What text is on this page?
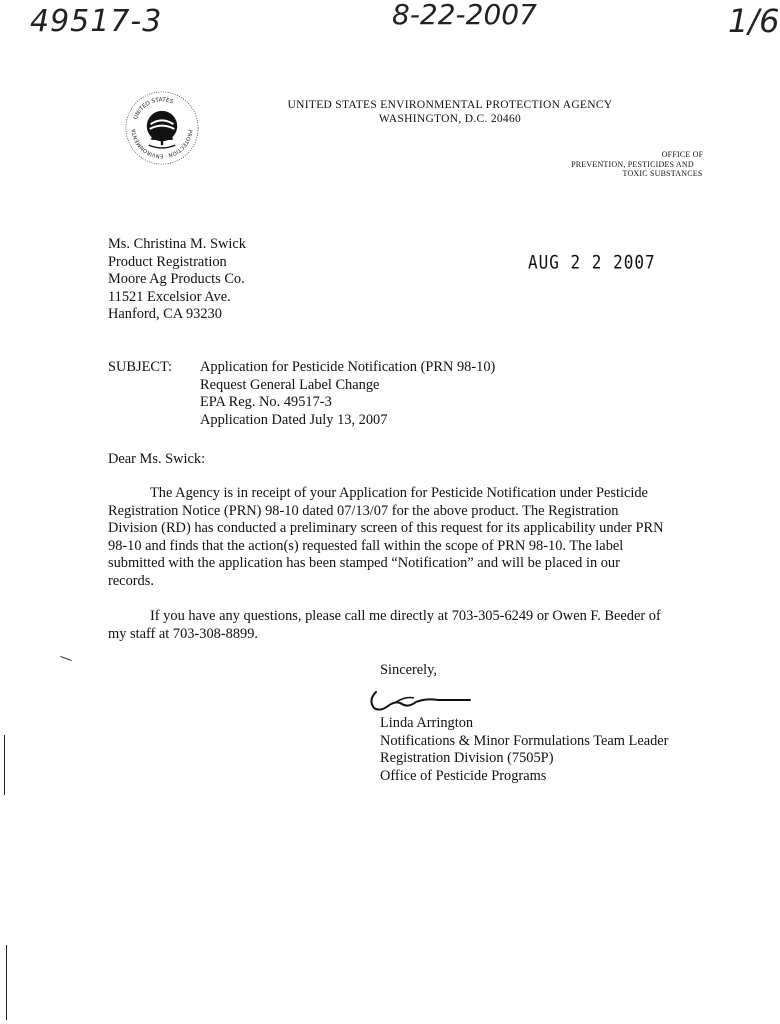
49517-3	8-22-2007	1/6
UNITED STATES
PROTECTION · ENVIRONMENTA
UNITED STATES ENVIRONMENTAL PROTECTION AGENCY
WASHINGTON, D.C. 20460
OFFICE OF
PREVENTION, PESTICIDES AND
TOXIC SUBSTANCES
Ms. Christina M. Swick
Product Registration
Moore Ag Products Co.
11521 Excelsior Ave.
Hanford, CA 93230
AUG 2 2 2007
SUBJECT: Application for Pesticide Notification (PRN 98-10)
Request General Label Change
EPA Reg. No. 49517-3
Application Dated July 13, 2007
Dear Ms. Swick:
The Agency is in receipt of your Application for Pesticide Notification under Pesticide
Registration Notice (PRN) 98-10 dated 07/13/07 for the above product. The Registration
Division (RD) has conducted a preliminary screen of this request for its applicability under PRN
98-10 and finds that the action(s) requested fall within the scope of PRN 98-10. The label
submitted with the application has been stamped “Notification” and will be placed in our
records.
If you have any questions, please call me directly at 703-305-6249 or Owen F. Beeder of
my staff at 703-308-8899.
Sincerely,
Linda Arrington
Notifications & Minor Formulations Team Leader
Registration Division (7505P)
Office of Pesticide Programs
